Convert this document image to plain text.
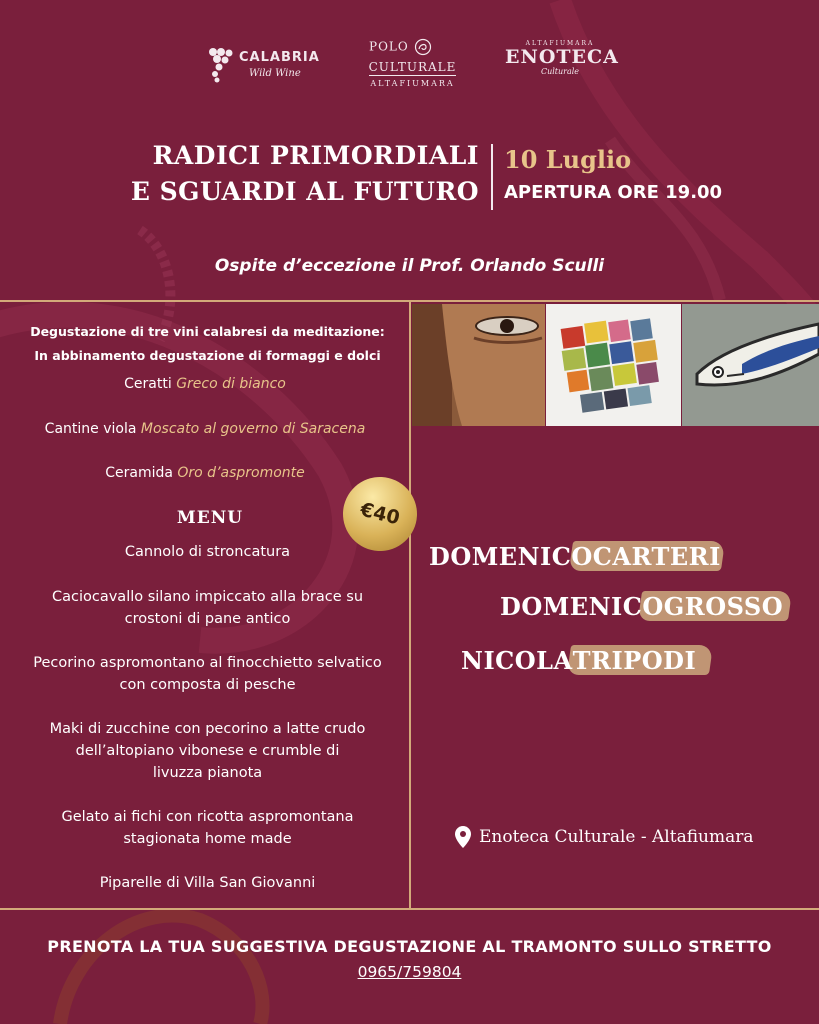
CALABRIA
Wild Wine
POLO
CULTURALE
ALTAFIUMARA
ALTAFIUMARA
ENOTECA
Culturale
RADICI PRIMORDIALI
E SGUARDI AL FUTURO
10 Luglio
APERTURA ORE 19.00
Ospite d’eccezione il Prof. Orlando Sculli
Degustazione di tre vini calabresi da meditazione:
In abbinamento degustazione di formaggi e dolci
Ceratti Greco di bianco
Cantine viola Moscato al governo di Saracena
Ceramida Oro d’aspromonte
€40
MENU
Cannolo di stroncatura
Caciocavallo silano impiccato alla brace su
crostoni di pane antico
Pecorino aspromontano al finocchietto selvatico
con composta di pesche
Maki di zucchine con pecorino a latte crudo
dell’altopiano vibonese e crumble di
livuzza pianota
Gelato ai fichi con ricotta aspromontana
stagionata home made
Piparelle di Villa San Giovanni
DOMENICO CARTERI
DOMENICO GROSSO
NICOLA TRIPODI
Enoteca Culturale - Altafiumara
PRENOTA LA TUA SUGGESTIVA DEGUSTAZIONE AL TRAMONTO SULLO STRETTO
0965/759804
